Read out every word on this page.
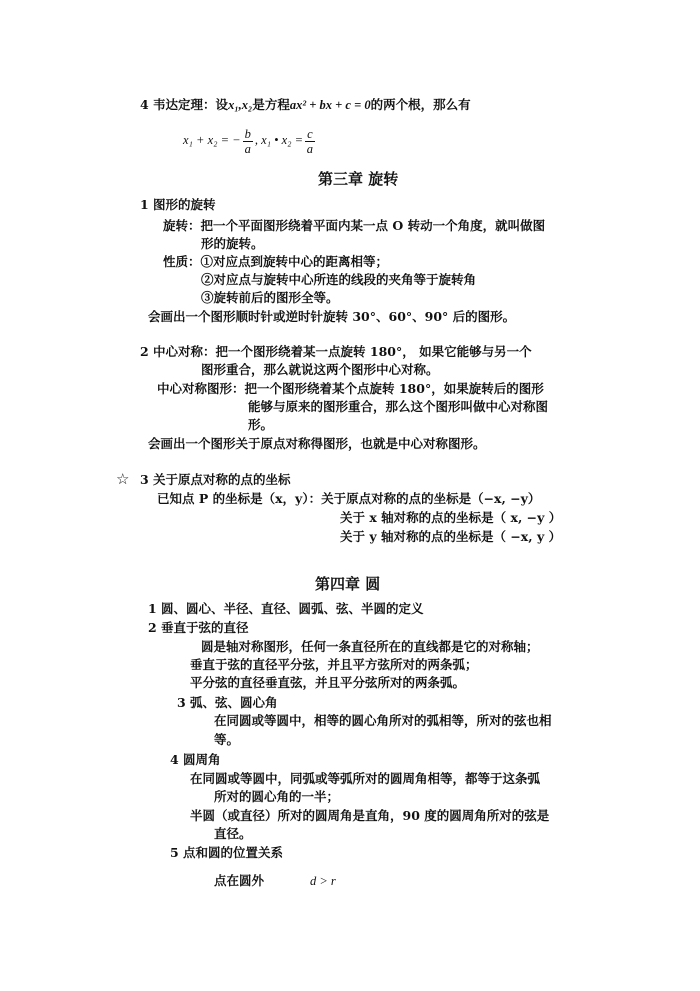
4 韦达定理：设x₁,x₂是方程ax² + bx + c = 0的两个根，那么有
x₁ + x₂ = − $\frac{b}{a}$ , x₁ • $x_2 = \frac{c}{a}$
第三章 旋转
1 图形的旋转
旋转：把一个平面图形绕着平面内某一点 O 转动一个角度，就叫做图
形的旋转。
性质：①对应点到旋转中心的距离相等；
②对应点与旋转中心所连的线段的夹角等于旋转角
③旋转前后的图形全等。
会画出一个图形顺时针或逆时针旋转 30°、60°、90° 后的图形。
2 中心对称：把一个图形绕着某一点旋转 180°， 如果它能够与另一个
图形重合，那么就说这两个图形中心对称。
中心对称图形：把一个图形绕着某个点旋转 180°，如果旋转后的图形
能够与原来的图形重合，那么这个图形叫做中心对称图
形。
会画出一个图形关于原点对称得图形，也就是中心对称图形。
☆ 3 关于原点对称的点的坐标
已知点 P 的坐标是（x，y）：关于原点对称的点的坐标是（−x, −y）
关于 x 轴对称的点的坐标是（ x, −y ）
关于 y 轴对称的点的坐标是（ −x, y ）
第四章 圆
1 圆、圆心、半径、直径、圆弧、弦、半圆的定义
2 垂直于弦的直径
圆是轴对称图形，任何一条直径所在的直线都是它的对称轴；
垂直于弦的直径平分弦，并且平方弦所对的两条弧；
平分弦的直径垂直弦，并且平分弦所对的两条弧。
3 弧、弦、圆心角
在同圆或等圆中，相等的圆心角所对的弧相等，所对的弦也相
等。
4 圆周角
在同圆或等圆中，同弧或等弧所对的圆周角相等，都等于这条弧
所对的圆心角的一半；
半圆（或直径）所对的圆周角是直角，90 度的圆周角所对的弦是
直径。
5 点和圆的位置关系
点在圆外	d > r
